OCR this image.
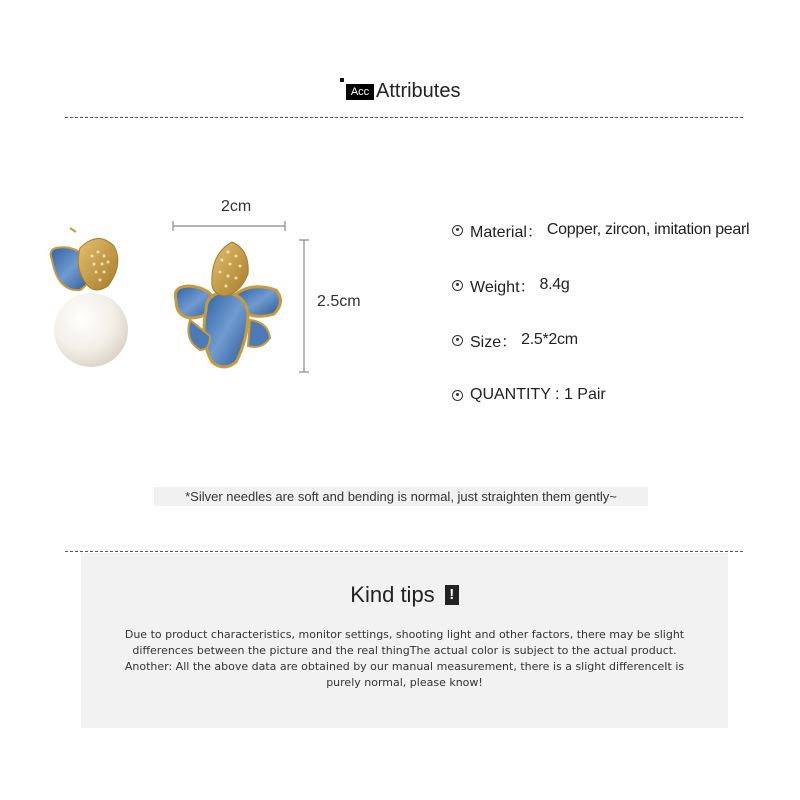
Acc Attributes
2cm
2.5cm
Material： Copper, zircon, imitation pearl
Weight： 8.4g
Size： 2.5*2cm
QUANTITY : 1 Pair
*Silver needles are soft and bending is normal, just straighten them gently~
Kind tips !
Due to product characteristics, monitor settings, shooting light and other factors, there may be slight
differences between the picture and the real thingThe actual color is subject to the actual product.
Another: All the above data are obtained by our manual measurement, there is a slight differenceIt is
purely normal, please know!
